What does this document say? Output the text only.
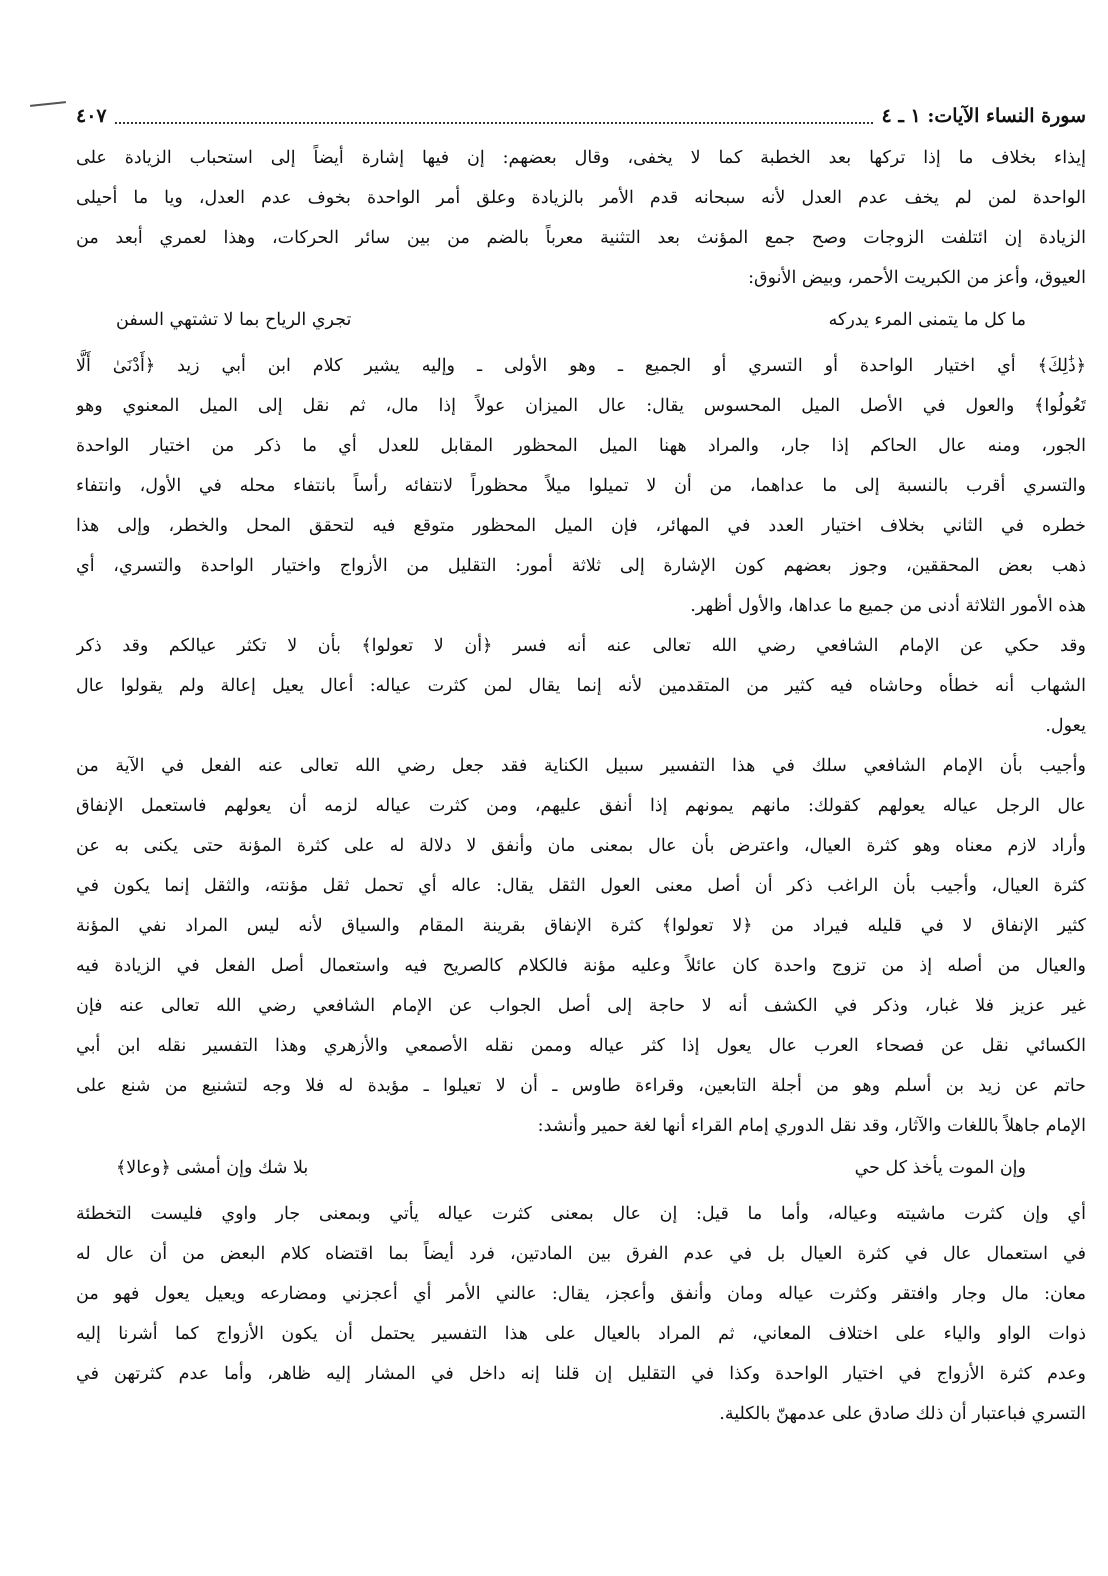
سورة النساء الآيات: ١ ـ ٤
٤٠٧
إيذاء بخلاف ما إذا تركها بعد الخطبة كما لا يخفى، وقال بعضهم: إن فيها إشارة أيضاً إلى استحباب الزيادة على
الواحدة لمن لم يخف عدم العدل لأنه سبحانه قدم الأمر بالزيادة وعلق أمر الواحدة بخوف عدم العدل، ويا ما أحيلى
الزيادة إن ائتلفت الزوجات وصح جمع المؤنث بعد التثنية معرباً بالضم من بين سائر الحركات، وهذا لعمري أبعد من
العيوق، وأعز من الكبريت الأحمر، وبيض الأنوق:
ما كل ما يتمنى المرء يدركه
تجري الرياح بما لا تشتهي السفن
﴿ذَٰلِكَ﴾ أي اختيار الواحدة أو التسري أو الجميع ـ وهو الأولى ـ وإليه يشير كلام ابن أبي زيد ﴿أَدْنَىٰ أَلَّا
تَعُولُوا﴾ والعول في الأصل الميل المحسوس يقال: عال الميزان عولاً إذا مال، ثم نقل إلى الميل المعنوي وهو
الجور، ومنه عال الحاكم إذا جار، والمراد ههنا الميل المحظور المقابل للعدل أي ما ذكر من اختيار الواحدة
والتسري أقرب بالنسبة إلى ما عداهما، من أن لا تميلوا ميلاً محظوراً لانتفائه رأساً بانتفاء محله في الأول، وانتفاء
خطره في الثاني بخلاف اختيار العدد في المهائر، فإن الميل المحظور متوقع فيه لتحقق المحل والخطر، وإلى هذا
ذهب بعض المحققين، وجوز بعضهم كون الإشارة إلى ثلاثة أمور: التقليل من الأزواج واختيار الواحدة والتسري، أي
هذه الأمور الثلاثة أدنى من جميع ما عداها، والأول أظهر.
وقد حكي عن الإمام الشافعي رضي الله تعالى عنه أنه فسر ﴿أن لا تعولوا﴾ بأن لا تكثر عيالكم وقد ذكر
الشهاب أنه خطأه وحاشاه فيه كثير من المتقدمين لأنه إنما يقال لمن كثرت عياله: أعال يعيل إعالة ولم يقولوا عال
يعول.
وأجيب بأن الإمام الشافعي سلك في هذا التفسير سبيل الكناية فقد جعل رضي الله تعالى عنه الفعل في الآية من
عال الرجل عياله يعولهم كقولك: مانهم يمونهم إذا أنفق عليهم، ومن كثرت عياله لزمه أن يعولهم فاستعمل الإنفاق
وأراد لازم معناه وهو كثرة العيال، واعترض بأن عال بمعنى مان وأنفق لا دلالة له على كثرة المؤنة حتى يكنى به عن
كثرة العيال، وأجيب بأن الراغب ذكر أن أصل معنى العول الثقل يقال: عاله أي تحمل ثقل مؤنته، والثقل إنما يكون في
كثير الإنفاق لا في قليله فيراد من ﴿لا تعولوا﴾ كثرة الإنفاق بقرينة المقام والسياق لأنه ليس المراد نفي المؤنة
والعيال من أصله إذ من تزوج واحدة كان عائلاً وعليه مؤنة فالكلام كالصريح فيه واستعمال أصل الفعل في الزيادة فيه
غير عزيز فلا غبار، وذكر في الكشف أنه لا حاجة إلى أصل الجواب عن الإمام الشافعي رضي الله تعالى عنه فإن
الكسائي نقل عن فصحاء العرب عال يعول إذا كثر عياله وممن نقله الأصمعي والأزهري وهذا التفسير نقله ابن أبي
حاتم عن زيد بن أسلم وهو من أجلة التابعين، وقراءة طاوس ـ أن لا تعيلوا ـ مؤيدة له فلا وجه لتشنيع من شنع على
الإمام جاهلاً باللغات والآثار، وقد نقل الدوري إمام القراء أنها لغة حمير وأنشد:
وإن الموت يأخذ كل حي
بلا شك وإن أمشى ﴿وعالا﴾
أي وإن كثرت ماشيته وعياله، وأما ما قيل: إن عال بمعنى كثرت عياله يأتي وبمعنى جار واوي فليست التخطئة
في استعمال عال في كثرة العيال بل في عدم الفرق بين المادتين، فرد أيضاً بما اقتضاه كلام البعض من أن عال له
معان: مال وجار وافتقر وكثرت عياله ومان وأنفق وأعجز، يقال: عالني الأمر أي أعجزني ومضارعه ويعيل يعول فهو من
ذوات الواو والياء على اختلاف المعاني، ثم المراد بالعيال على هذا التفسير يحتمل أن يكون الأزواج كما أشرنا إليه
وعدم كثرة الأزواج في اختيار الواحدة وكذا في التقليل إن قلنا إنه داخل في المشار إليه ظاهر، وأما عدم كثرتهن في
التسري فباعتبار أن ذلك صادق على عدمهنّ بالكلية.
